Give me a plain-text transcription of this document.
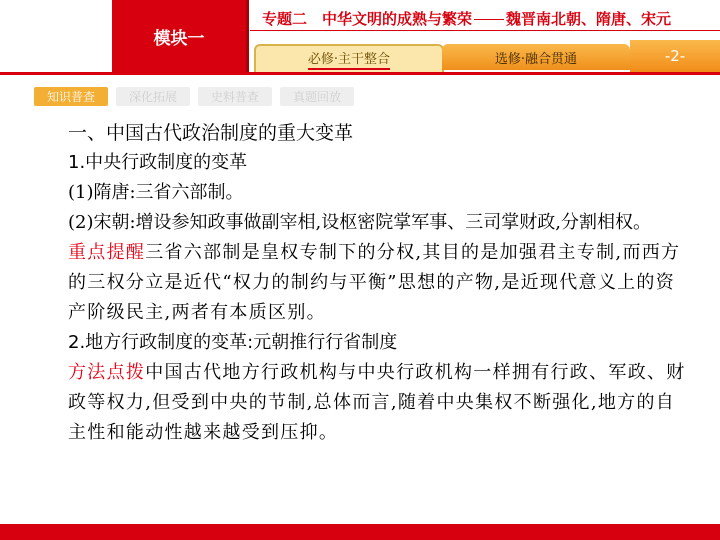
模块一
专题二　中华文明的成熟与繁荣 魏晋南北朝、隋唐、宋元
必修·主干整合	选修·融合贯通	-2-
知识普查	深化拓展	史料普查	真题回放

一、中国古代政治制度的重大变革

1.中央行政制度的变革

(1)隋唐:三省六部制。

(2)宋朝:增设参知政事做副宰相,设枢密院掌军事、三司掌财政,分割相权。

重点提醒三省六部制是皇权专制下的分权,其目的是加强君主专制,而西方的三权分立是近代“权力的制约与平衡”思想的产物,是近现代意义上的资产阶级民主,两者有本质区别。

2.地方行政制度的变革:元朝推行行省制度

方法点拨中国古代地方行政机构与中央行政机构一样拥有行政、军政、财政等权力,但受到中央的节制,总体而言,随着中央集权不断强化,地方的自主性和能动性越来越受到压抑。
